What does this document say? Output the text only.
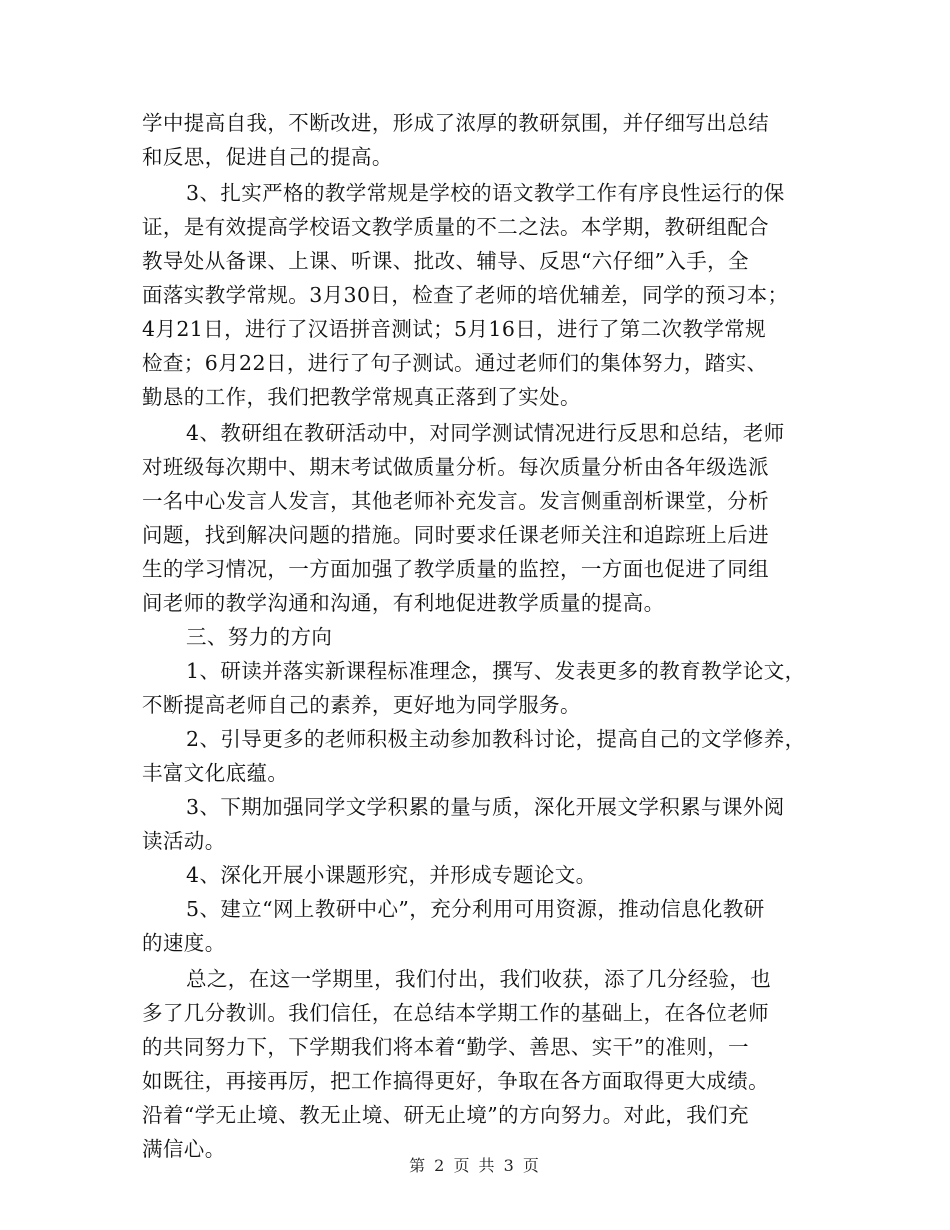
学中提高自我，不断改进，形成了浓厚的教研氛围，并仔细写出总结
和反思，促进自己的提高。
3、扎实严格的教学常规是学校的语文教学工作有序良性运行的保
证，是有效提高学校语文教学质量的不二之法。本学期，教研组配合
教导处从备课、上课、听课、批改、辅导、反思“六仔细”入手，全
面落实教学常规。3月30日，检查了老师的培优辅差，同学的预习本；
4月21日，进行了汉语拼音测试；5月16日，进行了第二次教学常规
检查；6月22日，进行了句子测试。通过老师们的集体努力，踏实、
勤恳的工作，我们把教学常规真正落到了实处。
4、教研组在教研活动中，对同学测试情况进行反思和总结，老师
对班级每次期中、期末考试做质量分析。每次质量分析由各年级选派
一名中心发言人发言，其他老师补充发言。发言侧重剖析课堂，分析
问题，找到解决问题的措施。同时要求任课老师关注和追踪班上后进
生的学习情况，一方面加强了教学质量的监控，一方面也促进了同组
间老师的教学沟通和沟通，有利地促进教学质量的提高。
三、努力的方向
1、研读并落实新课程标准理念，撰写、发表更多的教育教学论文，
不断提高老师自己的素养，更好地为同学服务。
2、引导更多的老师积极主动参加教科讨论，提高自己的文学修养，
丰富文化底蕴。
3、下期加强同学文学积累的量与质，深化开展文学积累与课外阅
读活动。
4、深化开展小课题形究，并形成专题论文。
5、建立“网上教研中心”，充分利用可用资源，推动信息化教研
的速度。
总之，在这一学期里，我们付出，我们收获，添了几分经验，也
多了几分教训。我们信任，在总结本学期工作的基础上，在各位老师
的共同努力下，下学期我们将本着“勤学、善思、实干”的准则，一
如既往，再接再厉，把工作搞得更好，争取在各方面取得更大成绩。
沿着“学无止境、教无止境、研无止境”的方向努力。对此，我们充
满信心。
第 2 页 共 3 页
